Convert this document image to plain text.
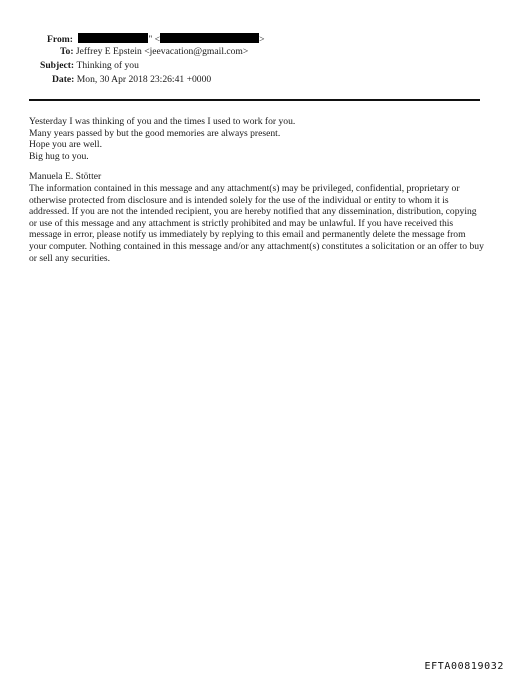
From:	" <	>
To: Jeffrey E Epstein <jeevacation@gmail.com>
Subject: Thinking of you
Date: Mon, 30 Apr 2018 23:26:41 +0000
Yesterday I was thinking of you and the times I used to work for you.
Many years passed by but the good memories are always present.
Hope you are well.
Big hug to you.
Manuela E. Stötter
The information contained in this message and any attachment(s) may be privileged, confidential, proprietary or otherwise protected from disclosure and is intended solely for the use of the individual or entity to whom it is addressed. If you are not the intended recipient, you are hereby notified that any dissemination, distribution, copying or use of this message and any attachment is strictly prohibited and may be unlawful. If you have received this message in error, please notify us immediately by replying to this email and permanently delete the message from your computer. Nothing contained in this message and/or any attachment(s) constitutes a solicitation or an offer to buy or sell any securities.
EFTA00819032
